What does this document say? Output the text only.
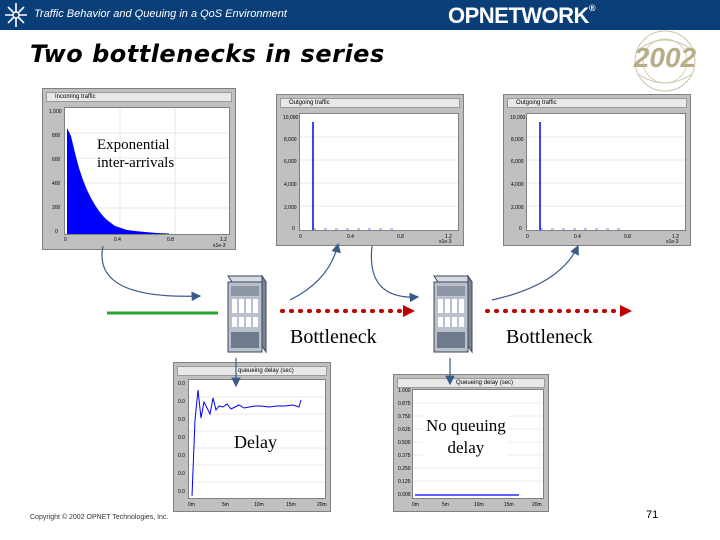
Traffic Behavior and Queuing in a QoS Environment	OPNETWORK®
2002
Two bottlenecks in series
Incoming traffic
1,000
800
600
400
200
0
0	0.4	0.8	1.2
x1e-3
Exponential
inter-arrivals
Outgoing traffic
10,000
8,000
6,000
4,000
2,000
0
0	0.4	0.8	1.2
x1e-3
Outgoing traffic
10,000
8,000
6,000
4,000
2,000
0
0	0.4	0.8	1.2
x1e-3
queueing delay (sec)
0.0
0.0
0.0
0.0
0.0
0.0
0.0
0m	5m	10m	15m	20m
Delay
Queueing delay (sec)
1.000
0.875
0.750
0.625
0.500
0.375
0.250
0.125
0.000
0m	5m	10m	15m	20m
No queuing
delay
Bottleneck	Bottleneck
Copyright © 2002 OPNET Technologies, Inc.	71
